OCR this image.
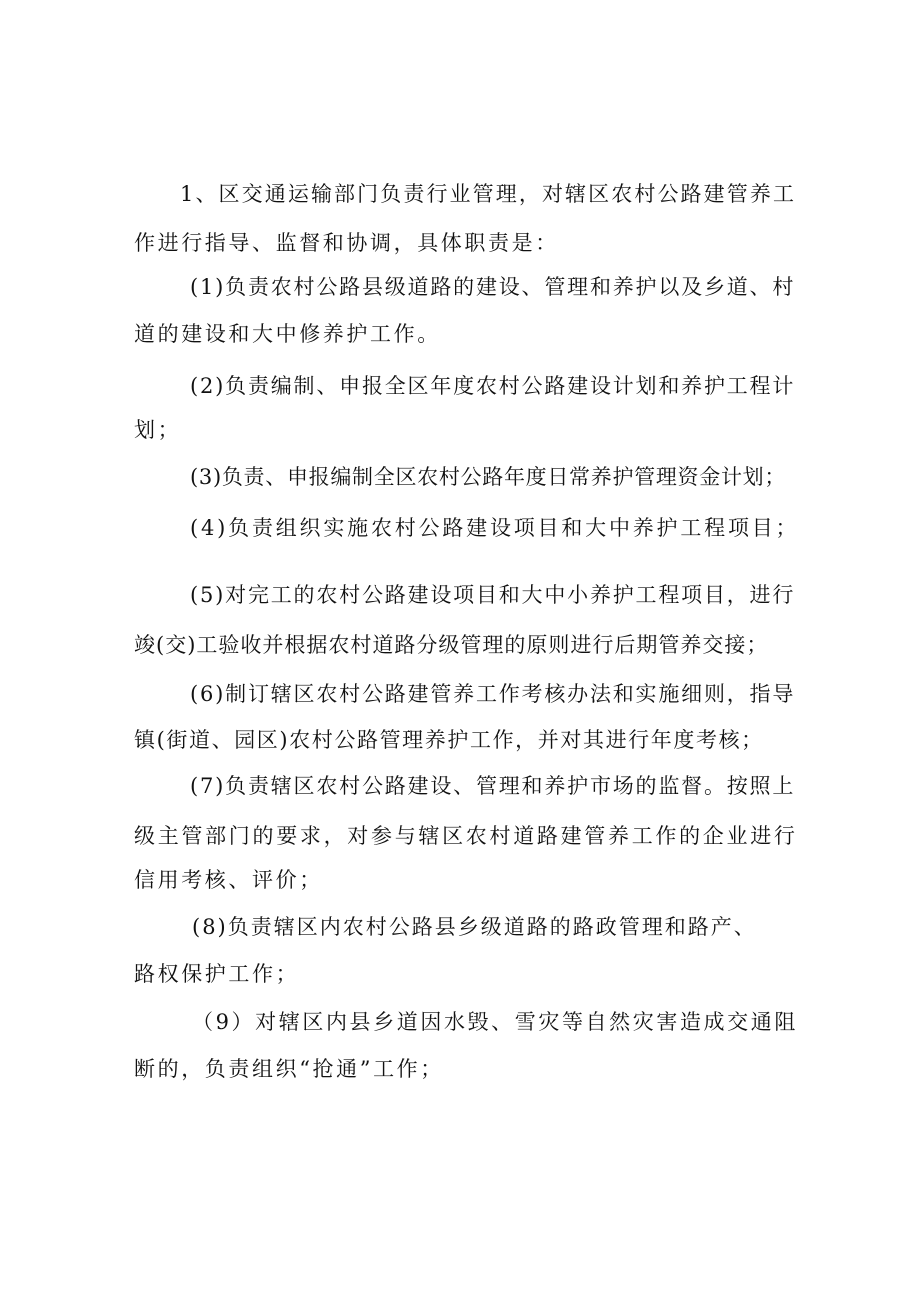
1、区交通运输部门负责行业管理，对辖区农村公路建管养工

作进行指导、监督和协调，具体职责是：

(1)负责农村公路县级道路的建设、管理和养护以及乡道、村

道的建设和大中修养护工作。

(2)负责编制、申报全区年度农村公路建设计划和养护工程计

划；

(3)负责、申报编制全区农村公路年度日常养护管理资金计划；

(4)负责组织实施农村公路建设项目和大中养护工程项目；

(5)对完工的农村公路建设项目和大中小养护工程项目，进行

竣(交)工验收并根据农村道路分级管理的原则进行后期管养交接；

(6)制订辖区农村公路建管养工作考核办法和实施细则，指导

镇(街道、园区)农村公路管理养护工作，并对其进行年度考核；

(7)负责辖区农村公路建设、管理和养护市场的监督。按照上

级主管部门的要求，对参与辖区农村道路建管养工作的企业进行

信用考核、评价；

(8)负责辖区内农村公路县乡级道路的路政管理和路产、

路权保护工作；

（9）对辖区内县乡道因水毁、雪灾等自然灾害造成交通阻

断的，负责组织“抢通”工作；
